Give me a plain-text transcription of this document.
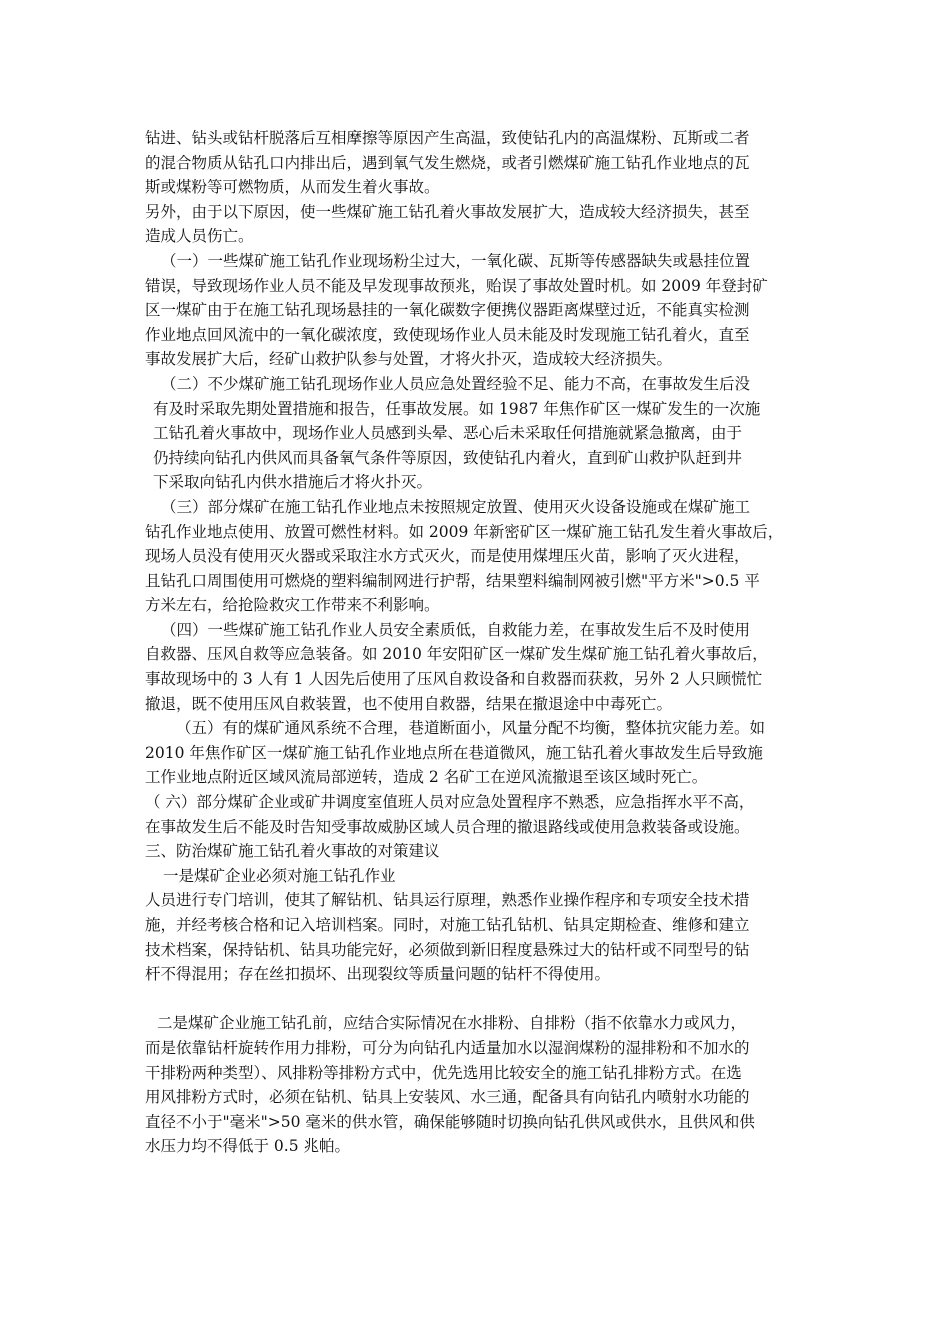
钻进、钻头或钻杆脱落后互相摩擦等原因产生高温，致使钻孔内的高温煤粉、瓦斯或二者
的混合物质从钻孔口内排出后，遇到氧气发生燃烧，或者引燃煤矿施工钻孔作业地点的瓦
斯或煤粉等可燃物质，从而发生着火事故。
另外，由于以下原因，使一些煤矿施工钻孔着火事故发展扩大，造成较大经济损失，甚至
造成人员伤亡。
（一）一些煤矿施工钻孔作业现场粉尘过大，一氧化碳、瓦斯等传感器缺失或悬挂位置
错误，导致现场作业人员不能及早发现事故预兆，贻误了事故处置时机。如 2009 年登封矿
区一煤矿由于在施工钻孔现场悬挂的一氧化碳数字便携仪器距离煤壁过近，不能真实检测
作业地点回风流中的一氧化碳浓度，致使现场作业人员未能及时发现施工钻孔着火，直至
事故发展扩大后，经矿山救护队参与处置，才将火扑灭，造成较大经济损失。
（二）不少煤矿施工钻孔现场作业人员应急处置经验不足、能力不高，在事故发生后没
有及时采取先期处置措施和报告，任事故发展。如 1987 年焦作矿区一煤矿发生的一次施
工钻孔着火事故中，现场作业人员感到头晕、恶心后未采取任何措施就紧急撤离，由于
仍持续向钻孔内供风而具备氧气条件等原因，致使钻孔内着火，直到矿山救护队赶到井
下采取向钻孔内供水措施后才将火扑灭。
（三）部分煤矿在施工钻孔作业地点未按照规定放置、使用灭火设备设施或在煤矿施工
钻孔作业地点使用、放置可燃性材料。如 2009 年新密矿区一煤矿施工钻孔发生着火事故后，
现场人员没有使用灭火器或采取注水方式灭火，而是使用煤埋压火苗，影响了灭火进程，
且钻孔口周围使用可燃烧的塑料编制网进行护帮，结果塑料编制网被引燃"平方米">0.5 平
方米左右，给抢险救灾工作带来不利影响。
（四）一些煤矿施工钻孔作业人员安全素质低，自救能力差，在事故发生后不及时使用
自救器、压风自救等应急装备。如 2010 年安阳矿区一煤矿发生煤矿施工钻孔着火事故后，
事故现场中的 3 人有 1 人因先后使用了压风自救设备和自救器而获救，另外 2 人只顾慌忙
撤退，既不使用压风自救装置，也不使用自救器，结果在撤退途中中毒死亡。
（五）有的煤矿通风系统不合理，巷道断面小，风量分配不均衡，整体抗灾能力差。如
2010 年焦作矿区一煤矿施工钻孔作业地点所在巷道微风，施工钻孔着火事故发生后导致施
工作业地点附近区域风流局部逆转，造成 2 名矿工在逆风流撤退至该区域时死亡。
（ 六）部分煤矿企业或矿井调度室值班人员对应急处置程序不熟悉，应急指挥水平不高，
在事故发生后不能及时告知受事故威胁区域人员合理的撤退路线或使用急救装备或设施。
三、防治煤矿施工钻孔着火事故的对策建议
一是煤矿企业必须对施工钻孔作业
人员进行专门培训，使其了解钻机、钻具运行原理，熟悉作业操作程序和专项安全技术措
施，并经考核合格和记入培训档案。同时，对施工钻孔钻机、钻具定期检查、维修和建立
技术档案，保持钻机、钻具功能完好，必须做到新旧程度悬殊过大的钻杆或不同型号的钻
杆不得混用；存在丝扣损坏、出现裂纹等质量问题的钻杆不得使用。
二是煤矿企业施工钻孔前，应结合实际情况在水排粉、自排粉（指不依靠水力或风力，
而是依靠钻杆旋转作用力排粉，可分为向钻孔内适量加水以湿润煤粉的湿排粉和不加水的
干排粉两种类型）、风排粉等排粉方式中，优先选用比较安全的施工钻孔排粉方式。在选
用风排粉方式时，必须在钻机、钻具上安装风、水三通，配备具有向钻孔内喷射水功能的
直径不小于"毫米">50 毫米的供水管，确保能够随时切换向钻孔供风或供水，且供风和供
水压力均不得低于 0.5 兆帕。
